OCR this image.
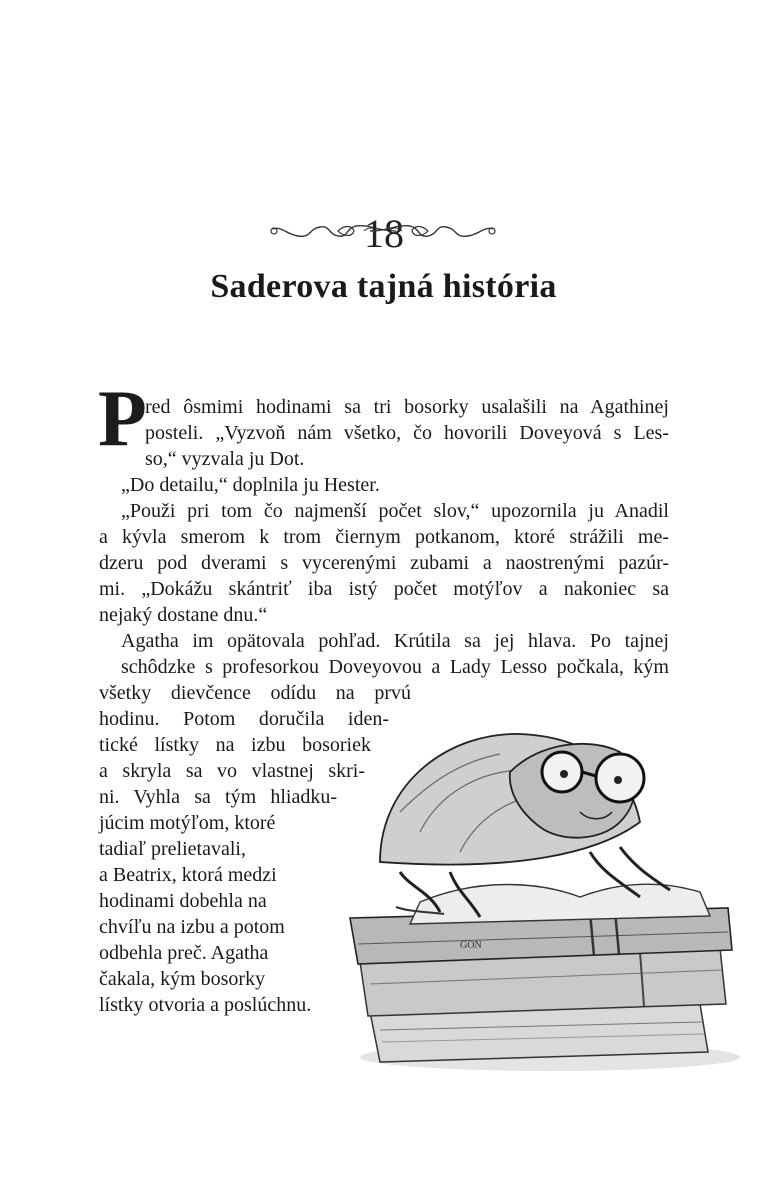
18
Saderova tajná história
P
red ôsmimi hodinami sa tri bosorky usalašili na Agathinej
posteli. „Vyzvoň nám všetko, čo hovorili Doveyová s Les-
so,“ vyzvala ju Dot.
„Do detailu,“ doplnila ju Hester.
„Použi pri tom čo najmenší počet slov,“ upozornila ju Anadil
a kývla smerom k trom čiernym potkanom, ktoré strážili me-
dzeru pod dverami s vycerenými zubami a naostrenými pazúr-
mi. „Dokážu skántriť iba istý počet motýľov a nakoniec sa
nejaký dostane dnu.“
Agatha im opätovala pohľad. Krútila sa jej hlava. Po tajnej
schôdzke s profesorkou Doveyovou a Lady Lesso počkala, kým
všetky dievčence odídu na prvú
hodinu. Potom doručila iden-
tické lístky na izbu bosoriek
a skryla sa vo vlastnej skri-
ni. Vyhla sa tým hliadku-
júcim motýľom, ktoré
tadiaľ prelietavali,
a Beatrix, ktorá medzi
hodinami dobehla na
chvíľu na izbu a potom
odbehla preč. Agatha
čakala, kým bosorky
lístky otvoria a poslúchnu.
GON
